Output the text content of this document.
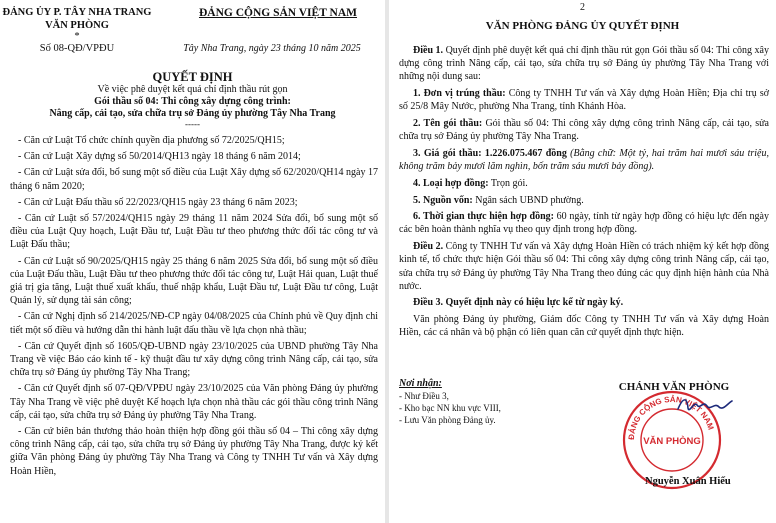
ĐẢNG ỦY P. TÂY NHA TRANG
VĂN PHÒNG
*
Số 08-QĐ/VPĐU
ĐẢNG CỘNG SẢN VIỆT NAM
Tây Nha Trang, ngày 23 tháng 10 năm 2025
QUYẾT ĐỊNH
Về việc phê duyệt kết quả chỉ định thầu rút gọn
Gói thầu số 04: Thi công xây dựng công trình:
Nâng cấp, cải tạo, sửa chữa trụ sở Đảng ủy phường Tây Nha Trang
-----

- Căn cứ Luật Tổ chức chính quyền địa phương số 72/2025/QH15;

- Căn cứ Luật Xây dựng số 50/2014/QH13 ngày 18 tháng 6 năm 2014;

- Căn cứ Luật sửa đổi, bổ sung một số điều của Luật Xây dựng số 62/2020/QH14 ngày 17 tháng 6 năm 2020;

- Căn cứ Luật Đấu thầu số 22/2023/QH15 ngày 23 tháng 6 năm 2023;

- Căn cứ Luật số 57/2024/QH15 ngày 29 tháng 11 năm 2024 Sửa đổi, bổ sung một số điều của Luật Quy hoạch, Luật Đầu tư, Luật Đầu tư theo phương thức đối tác công tư và Luật Đấu thầu;

- Căn cứ Luật số 90/2025/QH15 ngày 25 tháng 6 năm 2025 Sửa đổi, bổ sung một số điều của Luật Đấu thầu, Luật Đầu tư theo phương thức đối tác công tư, Luật Hải quan, Luật thuế giá trị gia tăng, Luật thuế xuất khẩu, thuế nhập khẩu, Luật Đầu tư, Luật Đầu tư công, Luật Quản lý, sử dụng tài sản công;

- Căn cứ Nghị định số 214/2025/NĐ-CP ngày 04/08/2025 của Chính phủ về Quy định chi tiết một số điều và hướng dẫn thi hành luật đấu thầu về lựa chọn nhà thầu;

- Căn cứ Quyết định số 1605/QĐ-UBND ngày 23/10/2025 của UBND phường Tây Nha Trang về việc Báo cáo kinh tế - kỹ thuật đầu tư xây dựng công trình Nâng cấp, cải tạo, sửa chữa trụ sở Đảng ủy phường Tây Nha Trang;

- Căn cứ Quyết định số 07-QĐ/VPĐU ngày 23/10/2025 của Văn phòng Đảng ủy phường Tây Nha Trang về việc phê duyệt Kế hoạch lựa chọn nhà thầu các gói thầu công trình Nâng cấp, cải tạo, sửa chữa trụ sở Đảng ủy phường Tây Nha Trang.

- Căn cứ biên bản thương thảo hoàn thiện hợp đồng gói thầu số 04 – Thi công xây dựng công trình Nâng cấp, cải tạo, sửa chữa trụ sở Đảng ủy phường Tây Nha Trang, được ký kết giữa Văn phòng Đảng ủy phường Tây Nha Trang và Công ty TNHH Tư vấn và Xây dựng Hoàn Hiền,

2
VĂN PHÒNG ĐẢNG ỦY QUYẾT ĐỊNH

Điều 1. Quyết định phê duyệt kết quả chỉ định thầu rút gọn Gói thầu số 04: Thi công xây dựng công trình Nâng cấp, cải tạo, sửa chữa trụ sở Đảng ủy phường Tây Nha Trang với những nội dung sau:

1. Đơn vị trúng thầu: Công ty TNHH Tư vấn và Xây dựng Hoàn Hiền; Địa chỉ trụ sở số 25/8 Mây Nước, phường Nha Trang, tỉnh Khánh Hòa.

2. Tên gói thầu: Gói thầu số 04: Thi công xây dựng công trình Nâng cấp, cải tạo, sửa chữa trụ sở Đảng ủy phường Tây Nha Trang.

3. Giá gói thầu: 1.226.075.467 đồng (Bằng chữ: Một tỷ, hai trăm hai mươi sáu triệu, không trăm bảy mươi lăm nghìn, bốn trăm sáu mươi bảy đồng).

4. Loại hợp đồng: Trọn gói.

5. Nguồn vốn: Ngân sách UBND phường.

6. Thời gian thực hiện hợp đồng: 60 ngày, tính từ ngày hợp đồng có hiệu lực đến ngày các bên hoàn thành nghĩa vụ theo quy định trong hợp đồng.

Điều 2. Công ty TNHH Tư vấn và Xây dựng Hoàn Hiền có trách nhiệm ký kết hợp đồng kinh tế, tổ chức thực hiện Gói thầu số 04: Thi công xây dựng công trình Nâng cấp, cải tạo, sửa chữa trụ sở Đảng ủy phường Tây Nha Trang theo đúng các quy định hiện hành của Nhà nước.

Điều 3. Quyết định này có hiệu lực kể từ ngày ký.

Văn phòng Đảng ủy phường, Giám đốc Công ty TNHH Tư vấn và Xây dựng Hoàn Hiền, các cá nhân và bộ phận có liên quan căn cứ quyết định thực hiện.

Nơi nhận:
- Như Điều 3,
- Kho bạc NN khu vực VIII,
- Lưu Văn phòng Đảng ủy.
CHÁNH VĂN PHÒNG
ĐẢNG CỘNG SẢN VIỆT NAM
VĂN PHÒNG
Nguyễn Xuân Hiếu
